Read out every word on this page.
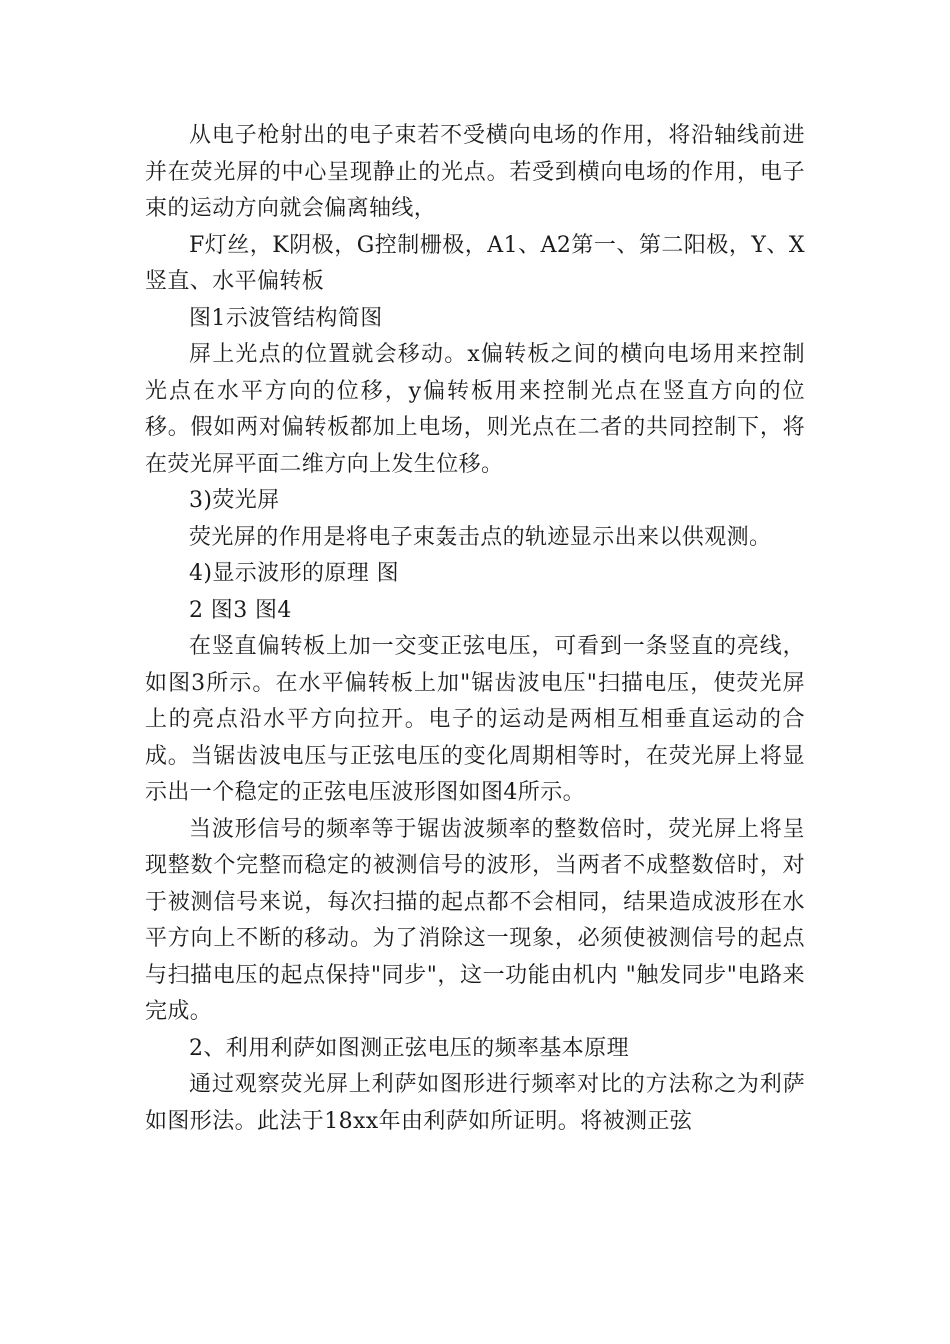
从电子枪射出的电子束若不受横向电场的作用，将沿轴线前进并在荧光屏的中心呈现静止的光点。若受到横向电场的作用，电子束的运动方向就会偏离轴线，

F灯丝，K阴极，G控制栅极，A1、A2第一、第二阳极，Y、X竖直、水平偏转板

图1示波管结构简图

屏上光点的位置就会移动。x偏转板之间的横向电场用来控制光点在水平方向的位移，y偏转板用来控制光点在竖直方向的位移。假如两对偏转板都加上电场，则光点在二者的共同控制下，将在荧光屏平面二维方向上发生位移。

3)荧光屏

荧光屏的作用是将电子束轰击点的轨迹显示出来以供观测。

4)显示波形的原理 图

2 图3 图4

在竖直偏转板上加一交变正弦电压，可看到一条竖直的亮线，如图3所示。在水平偏转板上加"锯齿波电压"扫描电压，使荧光屏上的亮点沿水平方向拉开。电子的运动是两相互相垂直运动的合成。当锯齿波电压与正弦电压的变化周期相等时，在荧光屏上将显示出一个稳定的正弦电压波形图如图4所示。

当波形信号的频率等于锯齿波频率的整数倍时，荧光屏上将呈现整数个完整而稳定的被测信号的波形，当两者不成整数倍时，对于被测信号来说，每次扫描的起点都不会相同，结果造成波形在水平方向上不断的移动。为了消除这一现象，必须使被测信号的起点与扫描电压的起点保持"同步"，这一功能由机内 "触发同步"电路来完成。

2、利用利萨如图测正弦电压的频率基本原理

通过观察荧光屏上利萨如图形进行频率对比的方法称之为利萨如图形法。此法于18xx年由利萨如所证明。将被测正弦
